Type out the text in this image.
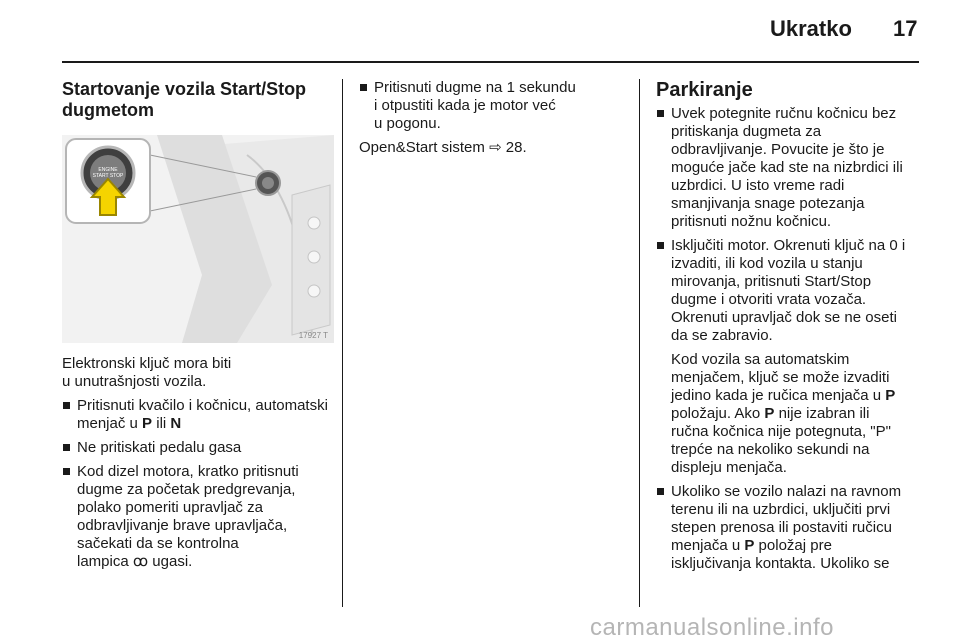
Ukratko 17
Startovanje vozila Start/Stop dugmetom
ENGINE
START STOP
17927 T
Elektronski ključ mora biti
u unutrašnjosti vozila.
Pritisnuti kvačilo i kočnicu, automatski menjač u P ili N
Ne pritiskati pedalu gasa
Kod dizel motora, kratko pritisnuti
dugme za početak predgrevanja,
polako pomeriti upravljač za
odbravljivanje brave upravljača,
sačekati da se kontrolna
lampica ꝏ ugasi.
Pritisnuti dugme na 1 sekundu
i otpustiti kada je motor već
u pogonu.
Open&Start sistem ⇨ 28.
Parkiranje
Uvek potegnite ručnu kočnicu bez
pritiskanja dugmeta za
odbravljivanje. Povucite je što je
moguće jače kad ste na nizbrdici ili
uzbrdici. U isto vreme radi
smanjivanja snage potezanja
pritisnuti nožnu kočnicu.
Isključiti motor. Okrenuti ključ na 0 i
izvaditi, ili kod vozila u stanju
mirovanja, pritisnuti Start/Stop
dugme i otvoriti vrata vozača.
Okrenuti upravljač dok se ne oseti
da se zabravio.
Kod vozila sa automatskim
menjačem, ključ se može izvaditi
jedino kada je ručica menjača u P
položaju. Ako P nije izabran ili
ručna kočnica nije potegnuta, "P"
trepće na nekoliko sekundi na
displeju menjača.
Ukoliko se vozilo nalazi na ravnom
terenu ili na uzbrdici, uključiti prvi
stepen prenosa ili postaviti ručicu
menjača u P položaj pre
isključivanja kontakta. Ukoliko se
carmanualsonline.info
